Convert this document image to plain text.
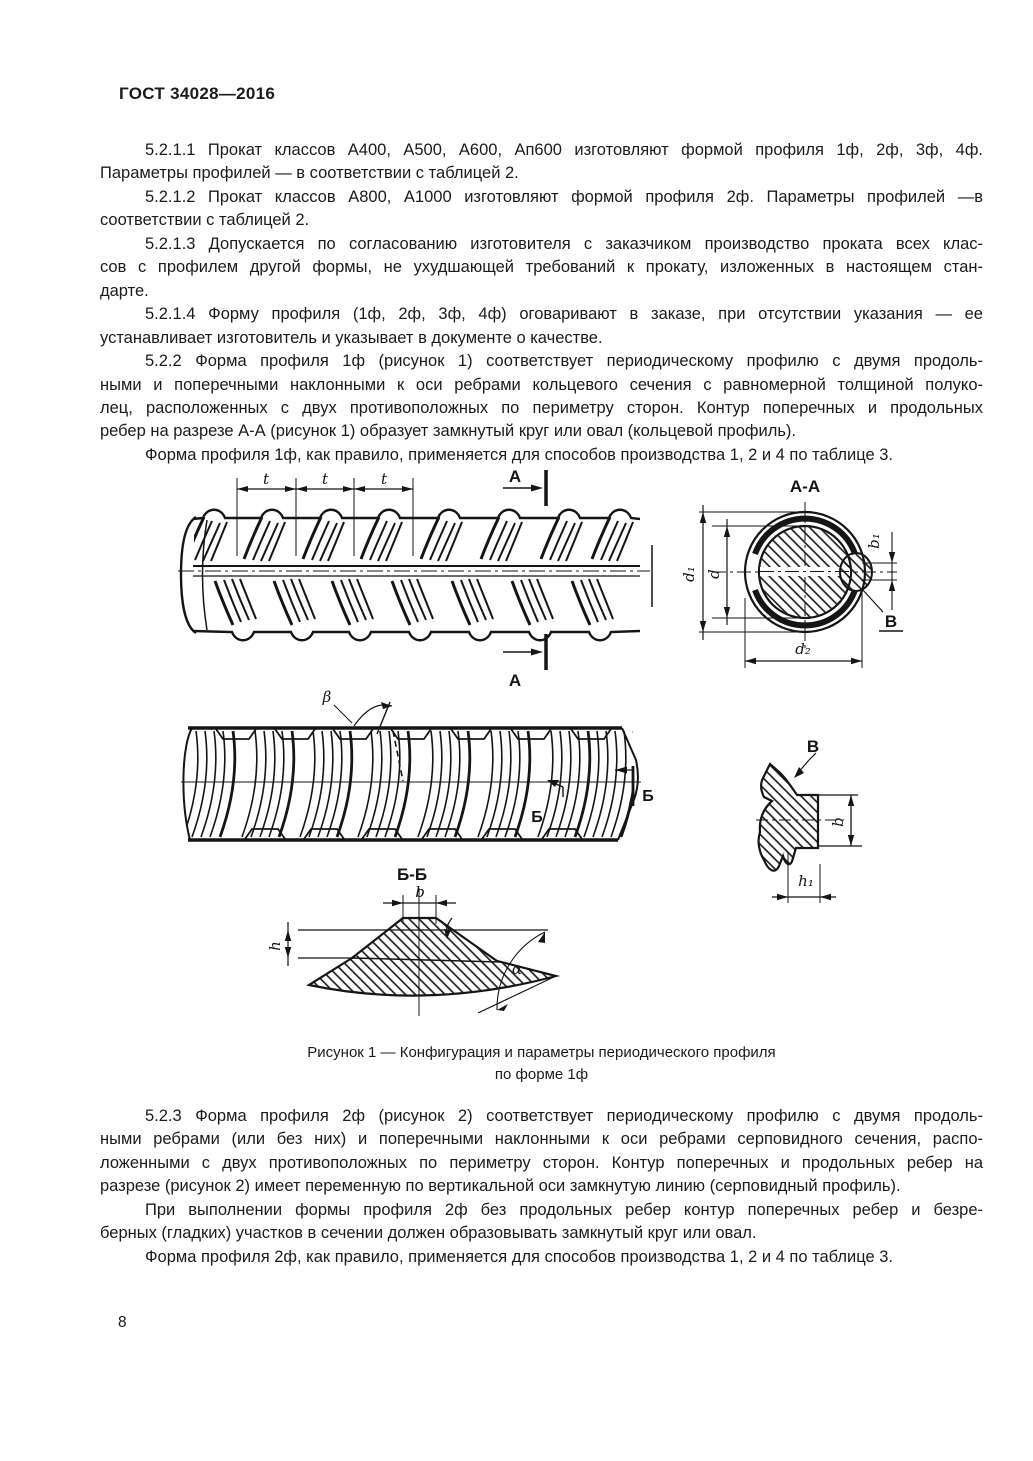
ГОСТ 34028—2016
5.2.1.1 Прокат классов А400, А500, А600, Ап600 изготовляют формой профиля 1ф, 2ф, 3ф, 4ф.
Параметры профилей — в соответствии с таблицей 2.
5.2.1.2 Прокат классов А800, А1000 изготовляют формой профиля 2ф. Параметры профилей —в
соответствии с таблицей 2.
5.2.1.3 Допускается по согласованию изготовителя с заказчиком производство проката всех клас-
сов с профилем другой формы, не ухудшающей требований к прокату, изложенных в настоящем стан-
дарте.
5.2.1.4 Форму профиля (1ф, 2ф, 3ф, 4ф) оговаривают в заказе, при отсутствии указания — ее
устанавливает изготовитель и указывает в документе о качестве.
5.2.2 Форма профиля 1ф (рисунок 1) соответствует периодическому профилю с двумя продоль-
ными и поперечными наклонными к оси ребрами кольцевого сечения с равномерной толщиной полуко-
лец, расположенных с двух противоположных по периметру сторон. Контур поперечных и продольных
ребер на разрезе А-А (рисунок 1) образует замкнутый круг или овал (кольцевой профиль).
Форма профиля 1ф, как правило, применяется для способов производства 1, 2 и 4 по таблице 3.
Рисунок 1 — Конфигурация и параметры периодического профиля
по форме 1ф
5.2.3 Форма профиля 2ф (рисунок 2) соответствует периодическому профилю с двумя продоль-
ными ребрами (или без них) и поперечными наклонными к оси ребрами серповидного сечения, распо-
ложенными с двух противоположных по периметру сторон. Контур поперечных и продольных ребер на
разрезе (рисунок 2) имеет переменную по вертикальной оси замкнутую линию (серповидный профиль).
При выполнении формы профиля 2ф без продольных ребер контур поперечных ребер и безре-
берных (гладких) участков в сечении должен образовывать замкнутый круг или овал.
Форма профиля 2ф, как правило, применяется для способов производства 1, 2 и 4 по таблице 3.
8
t	t	t	А
А
А-А
d₁ d
d₂
b₁
В
β
Б
Б
В
b
h₁
Б-Б
b
h
α
